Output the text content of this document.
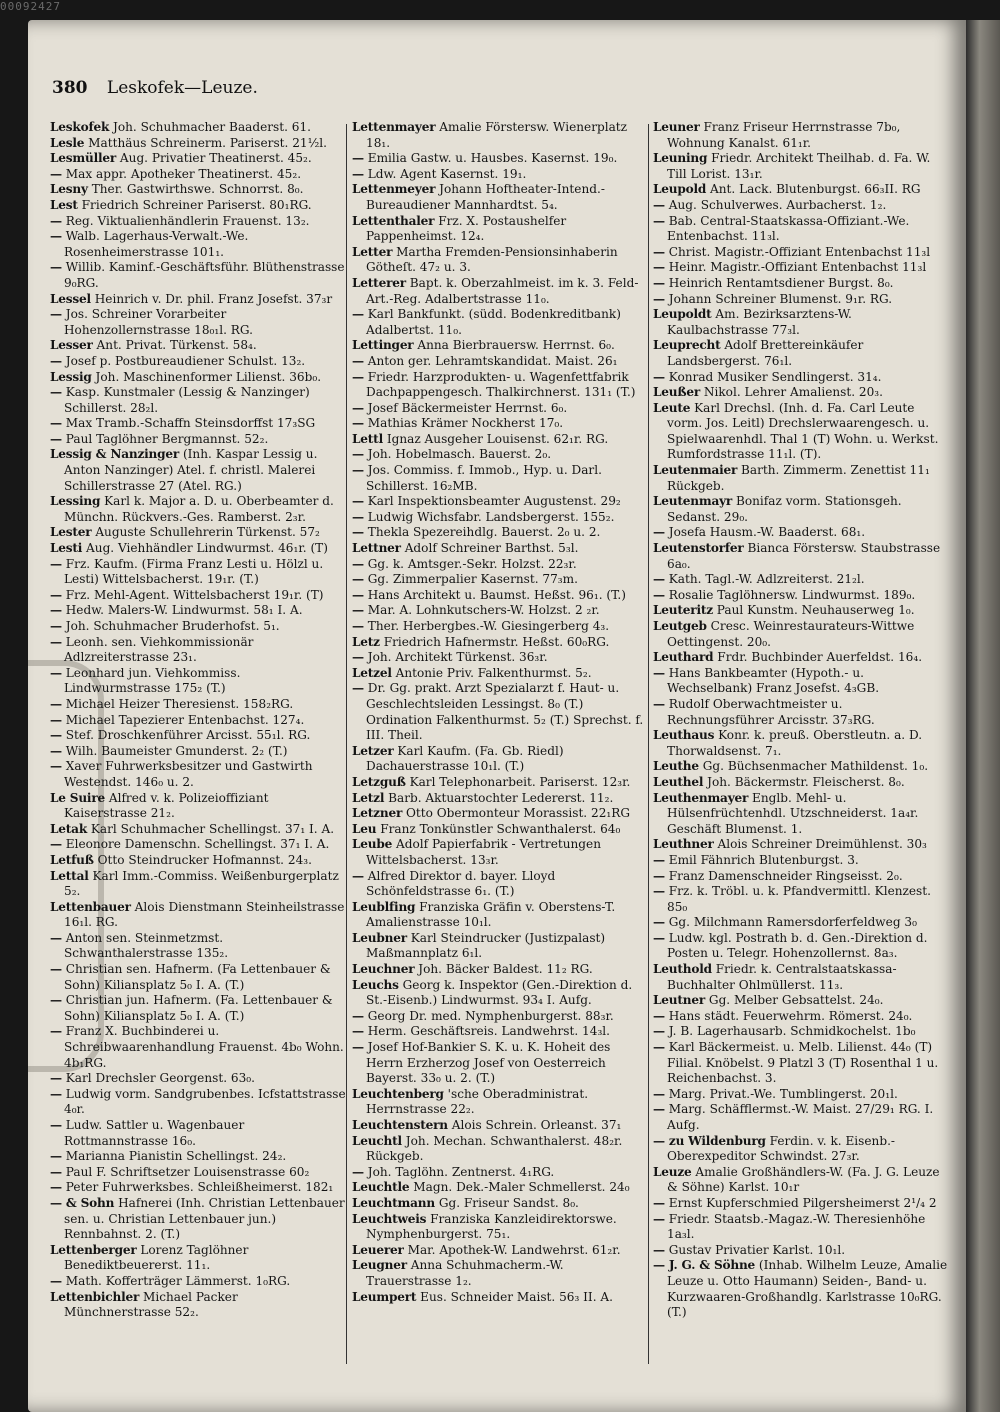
00092427
380 Leskofek—Leuze.
Leskofek Joh. Schuhmacher Baaderst. 61.
Lesle Matthäus Schreinerm. Pariserst. 21½l.
Lesmüller Aug. Privatier Theatinerst. 45₂.
— Max appr. Apotheker Theatinerst. 45₂.
Lesny Ther. Gastwirthswe. Schnorrst. 8₀.
Lest Friedrich Schreiner Pariserst. 80₁RG.
— Reg. Viktualienhändlerin Frauenst. 13₂.
— Walb. Lagerhaus-Verwalt.-We. Rosenheimerstrasse 101₁.
— Willib. Kaminf.-Geschäftsführ. Blüthenstrasse 9₀RG.
Lessel Heinrich v. Dr. phil. Franz Josefst. 37₃r
— Jos. Schreiner Vorarbeiter Hohenzollernstrasse 18₀₁l. RG.
Lesser Ant. Privat. Türkenst. 58₄.
— Josef p. Postbureaudiener Schulst. 13₂.
Lessig Joh. Maschinenformer Lilienst. 36b₀.
— Kasp. Kunstmaler (Lessig & Nanzinger) Schillerst. 28₂l.
— Max Tramb.-Schaffn Steinsdorffst 17₃SG
— Paul Taglöhner Bergmannst. 52₂.
Lessig & Nanzinger (Inh. Kaspar Lessig u. Anton Nanzinger) Atel. f. christl. Malerei Schillerstrasse 27 (Atel. RG.)
Lessing Karl k. Major a. D. u. Oberbeamter d. Münchn. Rückvers.-Ges. Ramberst. 2₃r.
Lester Auguste Schullehrerin Türkenst. 57₂
Lesti Aug. Viehhändler Lindwurmst. 46₁r. (T)
— Frz. Kaufm. (Firma Franz Lesti u. Hölzl u. Lesti) Wittelsbacherst. 19₁r. (T.)
— Frz. Mehl-Agent. Wittelsbacherst 19₁r. (T)
— Hedw. Malers-W. Lindwurmst. 58₁ I. A.
— Joh. Schuhmacher Bruderhofst. 5₁.
— Leonh. sen. Viehkommissionär Adlzreiterstrasse 23₁.
— Leonhard jun. Viehkommiss. Lindwurmstrasse 175₂ (T.)
— Michael Heizer Theresienst. 158₂RG.
— Michael Tapezierer Entenbachst. 127₄.
— Stef. Droschkenführer Arcisst. 55₁l. RG.
— Wilh. Baumeister Gmunderst. 2₂ (T.)
— Xaver Fuhrwerksbesitzer und Gastwirth Westendst. 146₀ u. 2.
Le Suire Alfred v. k. Polizeioffiziant Kaiserstrasse 21₂.
Letak Karl Schuhmacher Schellingst. 37₁ I. A.
— Eleonore Damenschn. Schellingst. 37₁ I. A.
Letfuß Otto Steindrucker Hofmannst. 24₃.
Lettal Karl Imm.-Commiss. Weißenburgerplatz 5₂.
Lettenbauer Alois Dienstmann Steinheilstrasse 16₁l. RG.
— Anton sen. Steinmetzmst. Schwanthalerstrasse 135₂.
— Christian sen. Hafnerm. (Fa Lettenbauer & Sohn) Kiliansplatz 5₀ I. A. (T.)
— Christian jun. Hafnerm. (Fa. Lettenbauer & Sohn) Kiliansplatz 5₀ I. A. (T.)
— Franz X. Buchbinderei u. Schreibwaarenhandlung Frauenst. 4b₀ Wohn. 4b₁RG.
— Karl Drechsler Georgenst. 63₀.
— Ludwig vorm. Sandgrubenbes. Icfstattstrasse 4₀r.
— Ludw. Sattler u. Wagenbauer Rottmannstrasse 16₀.
— Marianna Pianistin Schellingst. 24₂.
— Paul F. Schriftsetzer Louisenstrasse 60₂
— Peter Fuhrwerksbes. Schleißheimerst. 182₁
— & Sohn Hafnerei (Inh. Christian Lettenbauer sen. u. Christian Lettenbauer jun.) Rennbahnst. 2. (T.)
Lettenberger Lorenz Taglöhner Benediktbeuererst. 11₁.
— Math. Kofferträger Lämmerst. 1₀RG.
Lettenbichler Michael Packer Münchnerstrasse 52₂.
Lettenmayer Amalie Förstersw. Wienerplatz 18₁.
— Emilia Gastw. u. Hausbes. Kasernst. 19₀.
— Ldw. Agent Kasernst. 19₁.
Lettenmeyer Johann Hoftheater-Intend.-Bureaudiener Mannhardtst. 5₄.
Lettenthaler Frz. X. Postaushelfer Pappenheimst. 12₄.
Letter Martha Fremden-Pensionsinhaberin Götheſt. 47₂ u. 3.
Letterer Bapt. k. Oberzahlmeist. im k. 3. Feld-Art.-Reg. Adalbertstrasse 11₀.
— Karl Bankfunkt. (südd. Bodenkreditbank) Adalbertst. 11₀.
Lettinger Anna Bierbrauersw. Herrnst. 6₀.
— Anton ger. Lehramtskandidat. Maist. 26₁
— Friedr. Harzprodukten- u. Wagenfettfabrik Dachpappengesch. Thalkirchnerst. 131₁ (T.)
— Josef Bäckermeister Herrnst. 6₀.
— Mathias Krämer Nockherst 17₀.
Lettl Ignaz Ausgeher Louisenst. 62₁r. RG.
— Joh. Hobelmasch. Bauerst. 2₀.
— Jos. Commiss. f. Immob., Hyp. u. Darl. Schillerst. 16₂MB.
— Karl Inspektionsbeamter Augustenst. 29₂
— Ludwig Wichsfabr. Landsbergerst. 155₂.
— Thekla Spezereihdlg. Bauerst. 2₀ u. 2.
Lettner Adolf Schreiner Barthst. 5₃l.
— Gg. k. Amtsger.-Sekr. Holzst. 22₃r.
— Gg. Zimmerpalier Kasernst. 77₃m.
— Hans Architekt u. Baumst. Heßst. 96₁. (T.)
— Mar. A. Lohnkutschers-W. Holzst. 2 ₂r.
— Ther. Herbergbes.-W. Giesingerberg 4₃.
Letz Friedrich Hafnermstr. Heßst. 60₀RG.
— Joh. Architekt Türkenst. 36₃r.
Letzel Antonie Priv. Falkenthurmst. 5₂.
— Dr. Gg. prakt. Arzt Spezialarzt f. Haut- u. Geschlechtsleiden Lessingst. 8₀ (T.) Ordination Falkenthurmst. 5₂ (T.) Sprechst. f. III. Theil.
Letzer Karl Kaufm. (Fa. Gb. Riedl) Dachauerstrasse 10₁l. (T.)
Letzguß Karl Telephonarbeit. Pariserst. 12₃r.
Letzl Barb. Aktuarstochter Ledererst. 11₂.
Letzner Otto Obermonteur Morassist. 22₁RG
Leu Franz Tonkünstler Schwanthalerst. 64₀
Leube Adolf Papierfabrik - Vertretungen Wittelsbacherst. 13₃r.
— Alfred Direktor d. bayer. Lloyd Schönfeldstrasse 6₁. (T.)
Leublfing Franziska Gräfin v. Oberstens-T. Amalienstrasse 10₁l.
Leubner Karl Steindrucker (Justizpalast) Maßmannplatz 6₁l.
Leuchner Joh. Bäcker Baldest. 11₂ RG.
Leuchs Georg k. Inspektor (Gen.-Direktion d. St.-Eisenb.) Lindwurmst. 93₄ I. Aufg.
— Georg Dr. med. Nymphenburgerst. 88₃r.
— Herm. Geschäftsreis. Landwehrst. 14₃l.
— Josef Hof-Bankier S. K. u. K. Hoheit des Herrn Erzherzog Josef von Oesterreich Bayerst. 33₀ u. 2. (T.)
Leuchtenberg 'sche Oberadministrat. Herrnstrasse 22₂.
Leuchtenstern Alois Schrein. Orleanst. 37₁
Leuchtl Joh. Mechan. Schwanthalerst. 48₂r. Rückgeb.
— Joh. Taglöhn. Zentnerst. 4₁RG.
Leuchtle Magn. Dek.-Maler Schmellerst. 24₀
Leuchtmann Gg. Friseur Sandst. 8₀.
Leuchtweis Franziska Kanzleidirektorswe. Nymphenburgerst. 75₁.
Leuerer Mar. Apothek-W. Landwehrst. 61₂r.
Leugner Anna Schuhmacherm.-W. Trauerstrasse 1₂.
Leumpert Eus. Schneider Maist. 56₃ II. A.
Leuner Franz Friseur Herrnstrasse 7b₀, Wohnung Kanalst. 61₁r.
Leuning Friedr. Architekt Theilhab. d. Fa. W. Till Lorist. 13₁r.
Leupold Ant. Lack. Blutenburgst. 66₃II. RG
— Aug. Schulverwes. Aurbacherst. 1₂.
— Bab. Central-Staatskassa-Offiziant.-We. Entenbachst. 11₃l.
— Christ. Magistr.-Offiziant Entenbachst 11₃l
— Heinr. Magistr.-Offiziant Entenbachst 11₃l
— Heinrich Rentamtsdiener Burgst. 8₀.
— Johann Schreiner Blumenst. 9₁r. RG.
Leupoldt Am. Bezirksarztens-W. Kaulbachstrasse 77₃l.
Leuprecht Adolf Brettereinkäufer Landsbergerst. 76₁l.
— Konrad Musiker Sendlingerst. 31₄.
Leußer Nikol. Lehrer Amalienst. 20₃.
Leute Karl Drechsl. (Inh. d. Fa. Carl Leute vorm. Jos. Leitl) Drechslerwaarengesch. u. Spielwaarenhdl. Thal 1 (T) Wohn. u. Werkst. Rumfordstrasse 11₁l. (T).
Leutenmaier Barth. Zimmerm. Zenettist 11₁ Rückgeb.
Leutenmayr Bonifaz vorm. Stationsgeh. Sedanst. 29₀.
— Josefa Hausm.-W. Baaderst. 68₁.
Leutenstorfer Bianca Förstersw. Staubstrasse 6a₀.
— Kath. Tagl.-W. Adlzreiterst. 21₂l.
— Rosalie Taglöhnersw. Lindwurmst. 189₀.
Leuteritz Paul Kunstm. Neuhauserweg 1₀.
Leutgeb Cresc. Weinrestaurateurs-Wittwe Oettingenst. 20₀.
Leuthard Frdr. Buchbinder Auerfeldst. 16₄.
— Hans Bankbeamter (Hypoth.- u. Wechselbank) Franz Josefst. 4₃GB.
— Rudolf Oberwachtmeister u. Rechnungsführer Arcisstr. 37₃RG.
Leuthaus Konr. k. preuß. Oberstleutn. a. D. Thorwaldsenst. 7₁.
Leuthe Gg. Büchsenmacher Mathildenst. 1₀.
Leuthel Joh. Bäckermstr. Fleischerst. 8₀.
Leuthenmayer Englb. Mehl- u. Hülsenfrüchtenhdl. Utzschneiderst. 1a₄r. Geschäft Blumenst. 1.
Leuthner Alois Schreiner Dreimühlenst. 30₃
— Emil Fähnrich Blutenburgst. 3.
— Franz Damenschneider Ringseisst. 2₀.
— Frz. k. Tröbl. u. k. Pfandvermittl. Klenzest. 85₀
— Gg. Milchmann Ramersdorferfeldweg 3₀
— Ludw. kgl. Postrath b. d. Gen.-Direktion d. Posten u. Telegr. Hohenzollernst. 8a₃.
Leuthold Friedr. k. Centralstaatskassa-Buchhalter Ohlmüllerst. 11₃.
Leutner Gg. Melber Gebsattelst. 24₀.
— Hans städt. Feuerwehrm. Römerst. 24₀.
— J. B. Lagerhausarb. Schmidkochelst. 1b₀
— Karl Bäckermeist. u. Melb. Lilienst. 44₀ (T) Filial. Knöbelst. 9 Platzl 3 (T) Rosenthal 1 u. Reichenbachst. 3.
— Marg. Privat.-We. Tumblingerst. 20₁l.
— Marg. Schäfflermst.-W. Maist. 27/29₁ RG. I. Aufg.
— zu Wildenburg Ferdin. v. k. Eisenb.-Oberexpeditor Schwindst. 27₃r.
Leuze Amalie Großhändlers-W. (Fa. J. G. Leuze & Söhne) Karlst. 10₁r
— Ernst Kupferschmied Pilgersheimerst 2¹/₄ 2
— Friedr. Staatsb.-Magaz.-W. Theresienhöhe 1a₃l.
— Gustav Privatier Karlst. 10₁l.
— J. G. & Söhne (Inhab. Wilhelm Leuze, Amalie Leuze u. Otto Haumann) Seiden-, Band- u. Kurzwaaren-Großhandlg. Karlstrasse 10₀RG. (T.)
